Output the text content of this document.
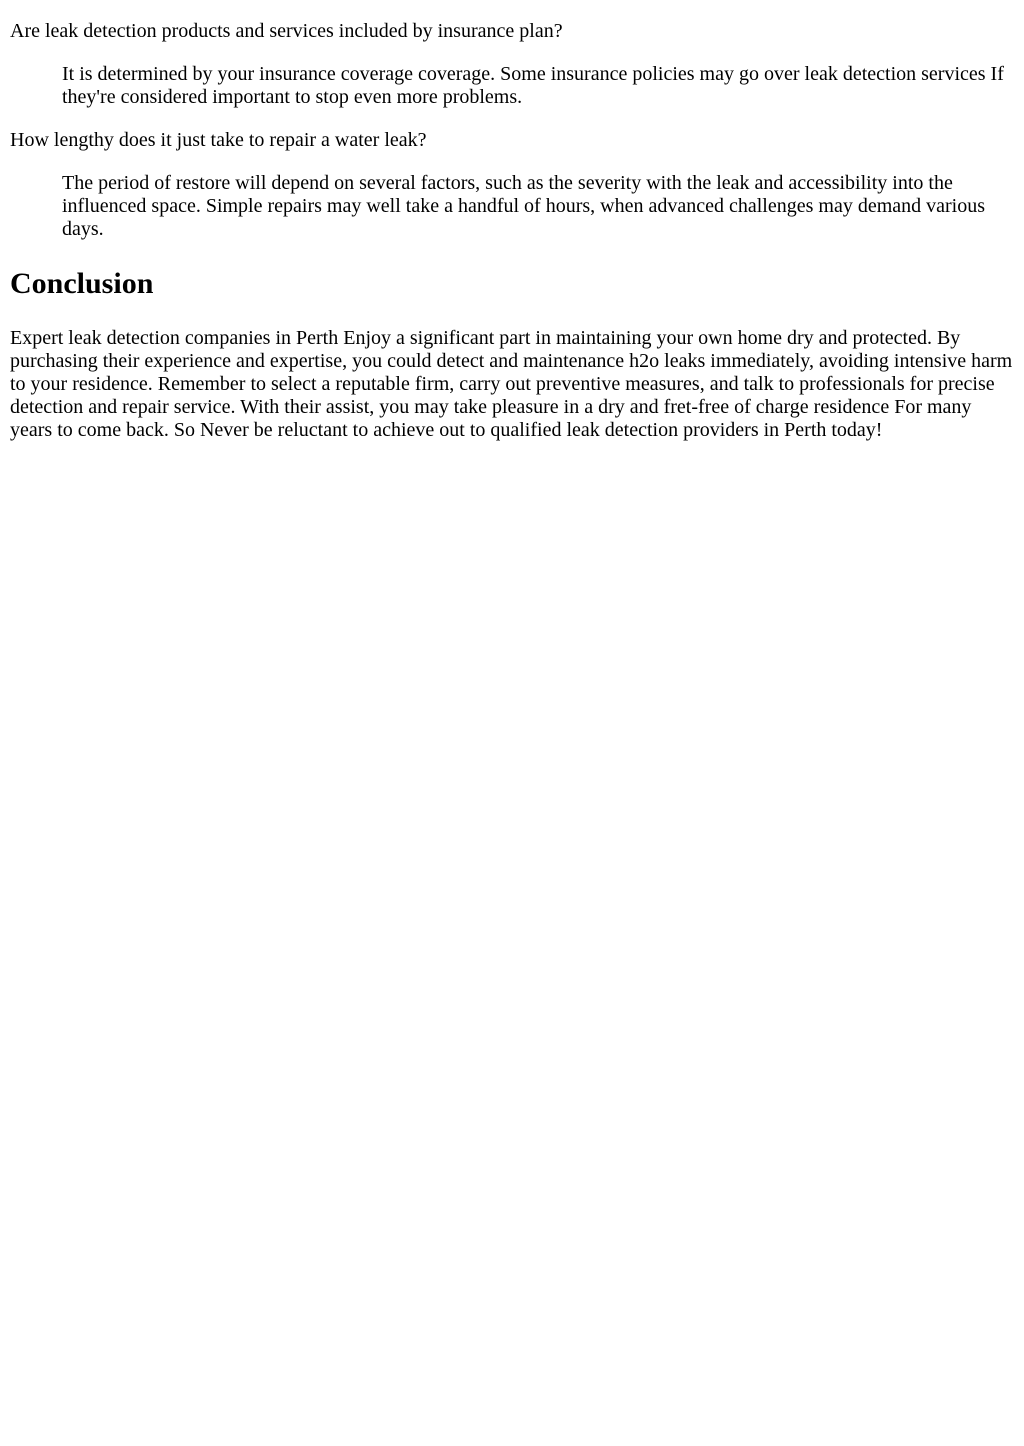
Are leak detection products and services included by insurance plan?
It is determined by your insurance coverage coverage. Some insurance policies may go over leak detection services If they're considered important to stop even more problems.
How lengthy does it just take to repair a water leak?
The period of restore will depend on several factors, such as the severity with the leak and accessibility into the influenced space. Simple repairs may well take a handful of hours, when advanced challenges may demand various days.
Conclusion

Expert leak detection companies in Perth Enjoy a significant part in maintaining your own home dry and protected. By purchasing their experience and expertise, you could detect and maintenance h2o leaks immediately, avoiding intensive harm to your residence. Remember to select a reputable firm, carry out preventive measures, and talk to professionals for precise detection and repair service. With their assist, you may take pleasure in a dry and fret-free of charge residence For many years to come back. So Never be reluctant to achieve out to qualified leak detection providers in Perth today!
